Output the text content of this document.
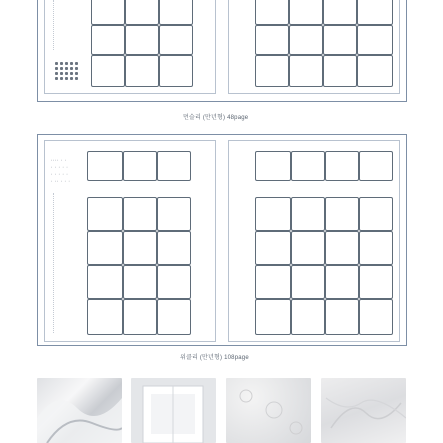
먼슬리 (만년형) 48page
•••• • •
• • • • •
• • • • •
• •• • • •
위클리 (만년형) 108page
